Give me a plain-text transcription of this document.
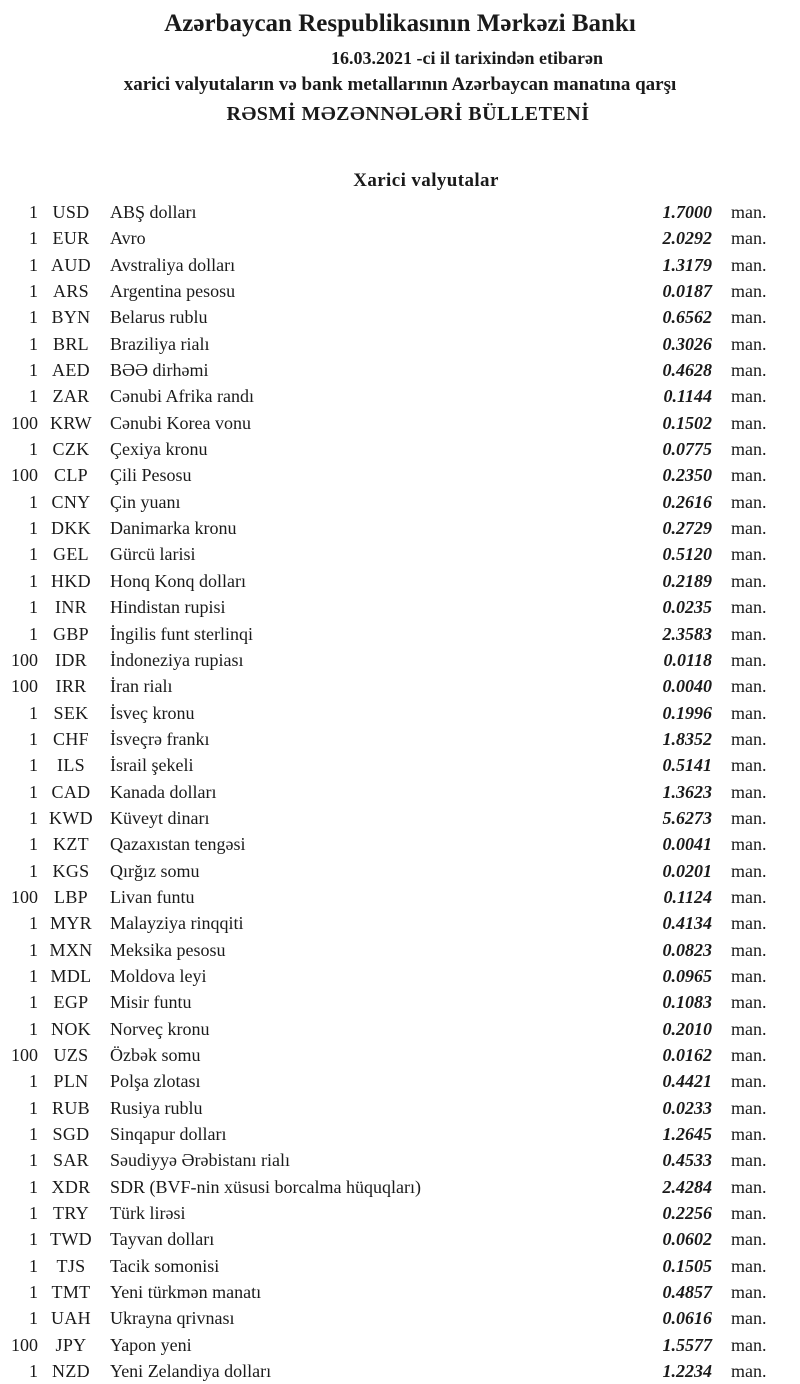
Azərbaycan Respublikasının Mərkəzi Bankı
16.03.2021 -ci il tarixindən etibarən
xarici valyutaların və bank metallarının Azərbaycan manatına qarşı
RƏSMİ MƏZƏNNƏLƏRİ BÜLLETENİ
Xarici valyutalar
1 USD	ABŞ dolları	1.7000	man.
1 EUR	Avro	2.0292	man.
1 AUD	Avstraliya dolları	1.3179	man.
1 ARS	Argentina pesosu	0.0187	man.
1 BYN	Belarus rublu	0.6562	man.
1 BRL	Braziliya rialı	0.3026	man.
1 AED	BƏƏ dirhəmi	0.4628	man.
1 ZAR	Cənubi Afrika randı	0.1144	man.
100 KRW	Cənubi Korea vonu	0.1502	man.
1 CZK	Çexiya kronu	0.0775	man.
100 CLP	Çili Pesosu	0.2350	man.
1 CNY	Çin yuanı	0.2616	man.
1 DKK	Danimarka kronu	0.2729	man.
1 GEL	Gürcü larisi	0.5120	man.
1 HKD	Honq Konq dolları	0.2189	man.
1 INR	Hindistan rupisi	0.0235	man.
1 GBP	İngilis funt sterlinqi	2.3583	man.
100 IDR	İndoneziya rupiası	0.0118	man.
100 IRR	İran rialı	0.0040	man.
1 SEK	İsveç kronu	0.1996	man.
1 CHF	İsveçrə frankı	1.8352	man.
1	ILS	İsrail şekeli	0.5141	man.
1 CAD	Kanada dolları	1.3623	man.
1 KWD Küveyt dinarı	5.6273	man.
1 KZT	Qazaxıstan tengəsi	0.0041	man.
1 KGS	Qırğız somu	0.0201	man.
100 LBP	Livan funtu	0.1124	man.
1 MYR	Malayziya rinqqiti	0.4134	man.
1 MXN Meksika pesosu	0.0823	man.
1 MDL	Moldova leyi	0.0965	man.
1 EGP	Misir funtu	0.1083	man.
1 NOK	Norveç kronu	0.2010	man.
100 UZS	Özbək somu	0.0162	man.
1 PLN	Polşa zlotası	0.4421	man.
1 RUB	Rusiya rublu	0.0233	man.
1 SGD	Sinqapur dolları	1.2645	man.
1 SAR	Səudiyyə Ərəbistanı rialı	0.4533	man.
1 XDR	SDR (BVF-nin xüsusi borcalma hüquqları)	2.4284	man.
1 TRY	Türk lirəsi	0.2256	man.
1 TWD	Tayvan dolları	0.0602	man.
1	TJS	Tacik somonisi	0.1505	man.
1 TMT	Yeni türkmən manatı	0.4857	man.
1 UAH	Ukrayna qrivnası	0.0616	man.
100 JPY	Yapon yeni	1.5577	man.
1 NZD	Yeni Zelandiya dolları	1.2234	man.
